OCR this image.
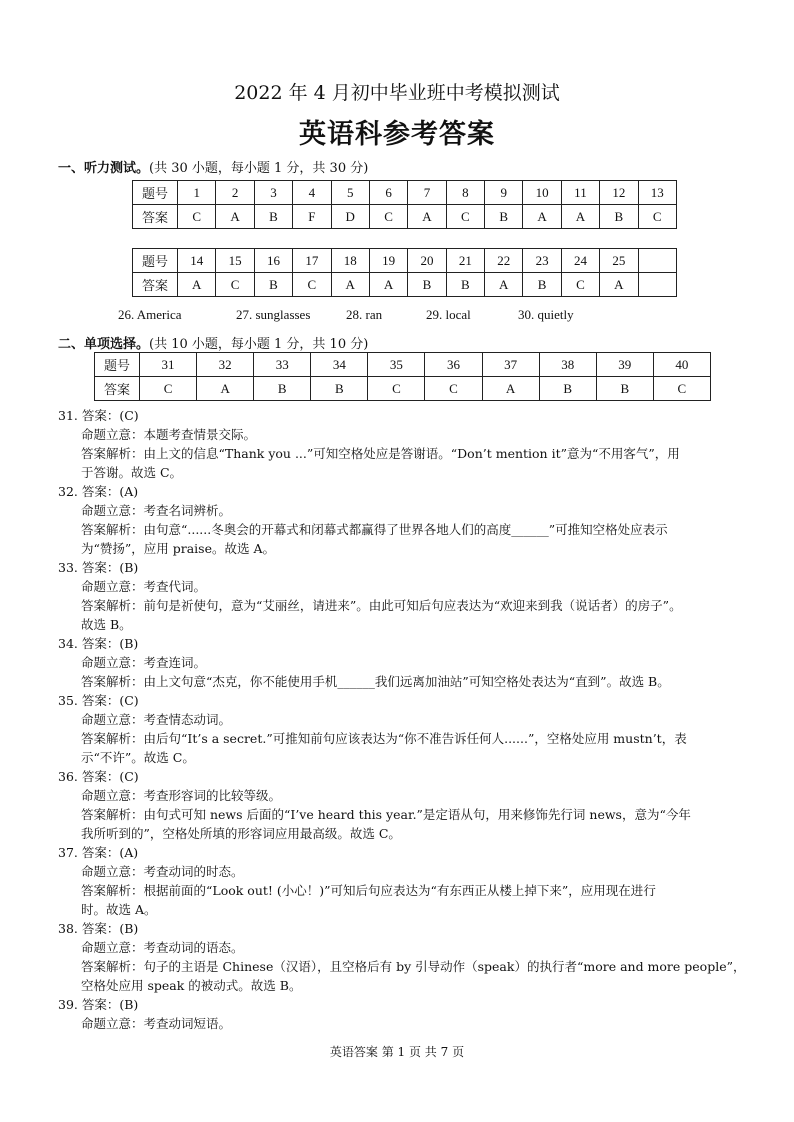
2022 年 4 月初中毕业班中考模拟测试
英语科参考答案
一、听力测试。(共 30 小题，每小题 1 分，共 30 分)
题号	1	2	3	4	5	6	7	8	9	10	11	12	13
答案	C	A	B	F	D	C	A	C	B	A	A	B	C
题号	14	15	16	17	18	19	20	21	22	23	24	25	
答案	A	C	B	C	A	A	B	B	A	B	C	A	
26. America	27. sunglasses	28. ran	29. local	30. quietly
二、单项选择。(共 10 小题，每小题 1 分，共 10 分)
题号	31	32	33	34	35	36	37	38	39	40
答案	C	A	B	B	C	C	A	B	B	C
31. 答案：(C)
命题立意：本题考查情景交际。
答案解析：由上文的信息“Thank you ...”可知空格处应是答谢语。“Don’t mention it”意为“不用客气”，用
于答谢。故选 C。
32. 答案：(A)
命题立意：考查名词辨析。
答案解析：由句意“......冬奥会的开幕式和闭幕式都赢得了世界各地人们的高度______”可推知空格处应表示
为“赞扬”，应用 praise。故选 A。
33. 答案：(B)
命题立意：考查代词。
答案解析：前句是祈使句，意为“艾丽丝，请进来”。由此可知后句应表达为“欢迎来到我（说话者）的房子”。
故选 B。
34. 答案：(B)
命题立意：考查连词。
答案解析：由上文句意“杰克，你不能使用手机______我们远离加油站”可知空格处表达为“直到”。故选 B。
35. 答案：(C)
命题立意：考查情态动词。
答案解析：由后句“It’s a secret.”可推知前句应该表达为“你不准告诉任何人......”，空格处应用 mustn’t，表
示“不许”。故选 C。
36. 答案：(C)
命题立意：考查形容词的比较等级。
答案解析：由句式可知 news 后面的“I’ve heard this year.”是定语从句，用来修饰先行词 news，意为“今年
我所听到的”，空格处所填的形容词应用最高级。故选 C。
37. 答案：(A)
命题立意：考查动词的时态。
答案解析：根据前面的“Look out! (小心！)”可知后句应表达为“有东西正从楼上掉下来”，应用现在进行
时。故选 A。
38. 答案：(B)
命题立意：考查动词的语态。
答案解析：句子的主语是 Chinese（汉语），且空格后有 by 引导动作（speak）的执行者“more and more people”，
空格处应用 speak 的被动式。故选 B。
39. 答案：(B)
命题立意：考查动词短语。
英语答案 第 1 页 共 7 页
